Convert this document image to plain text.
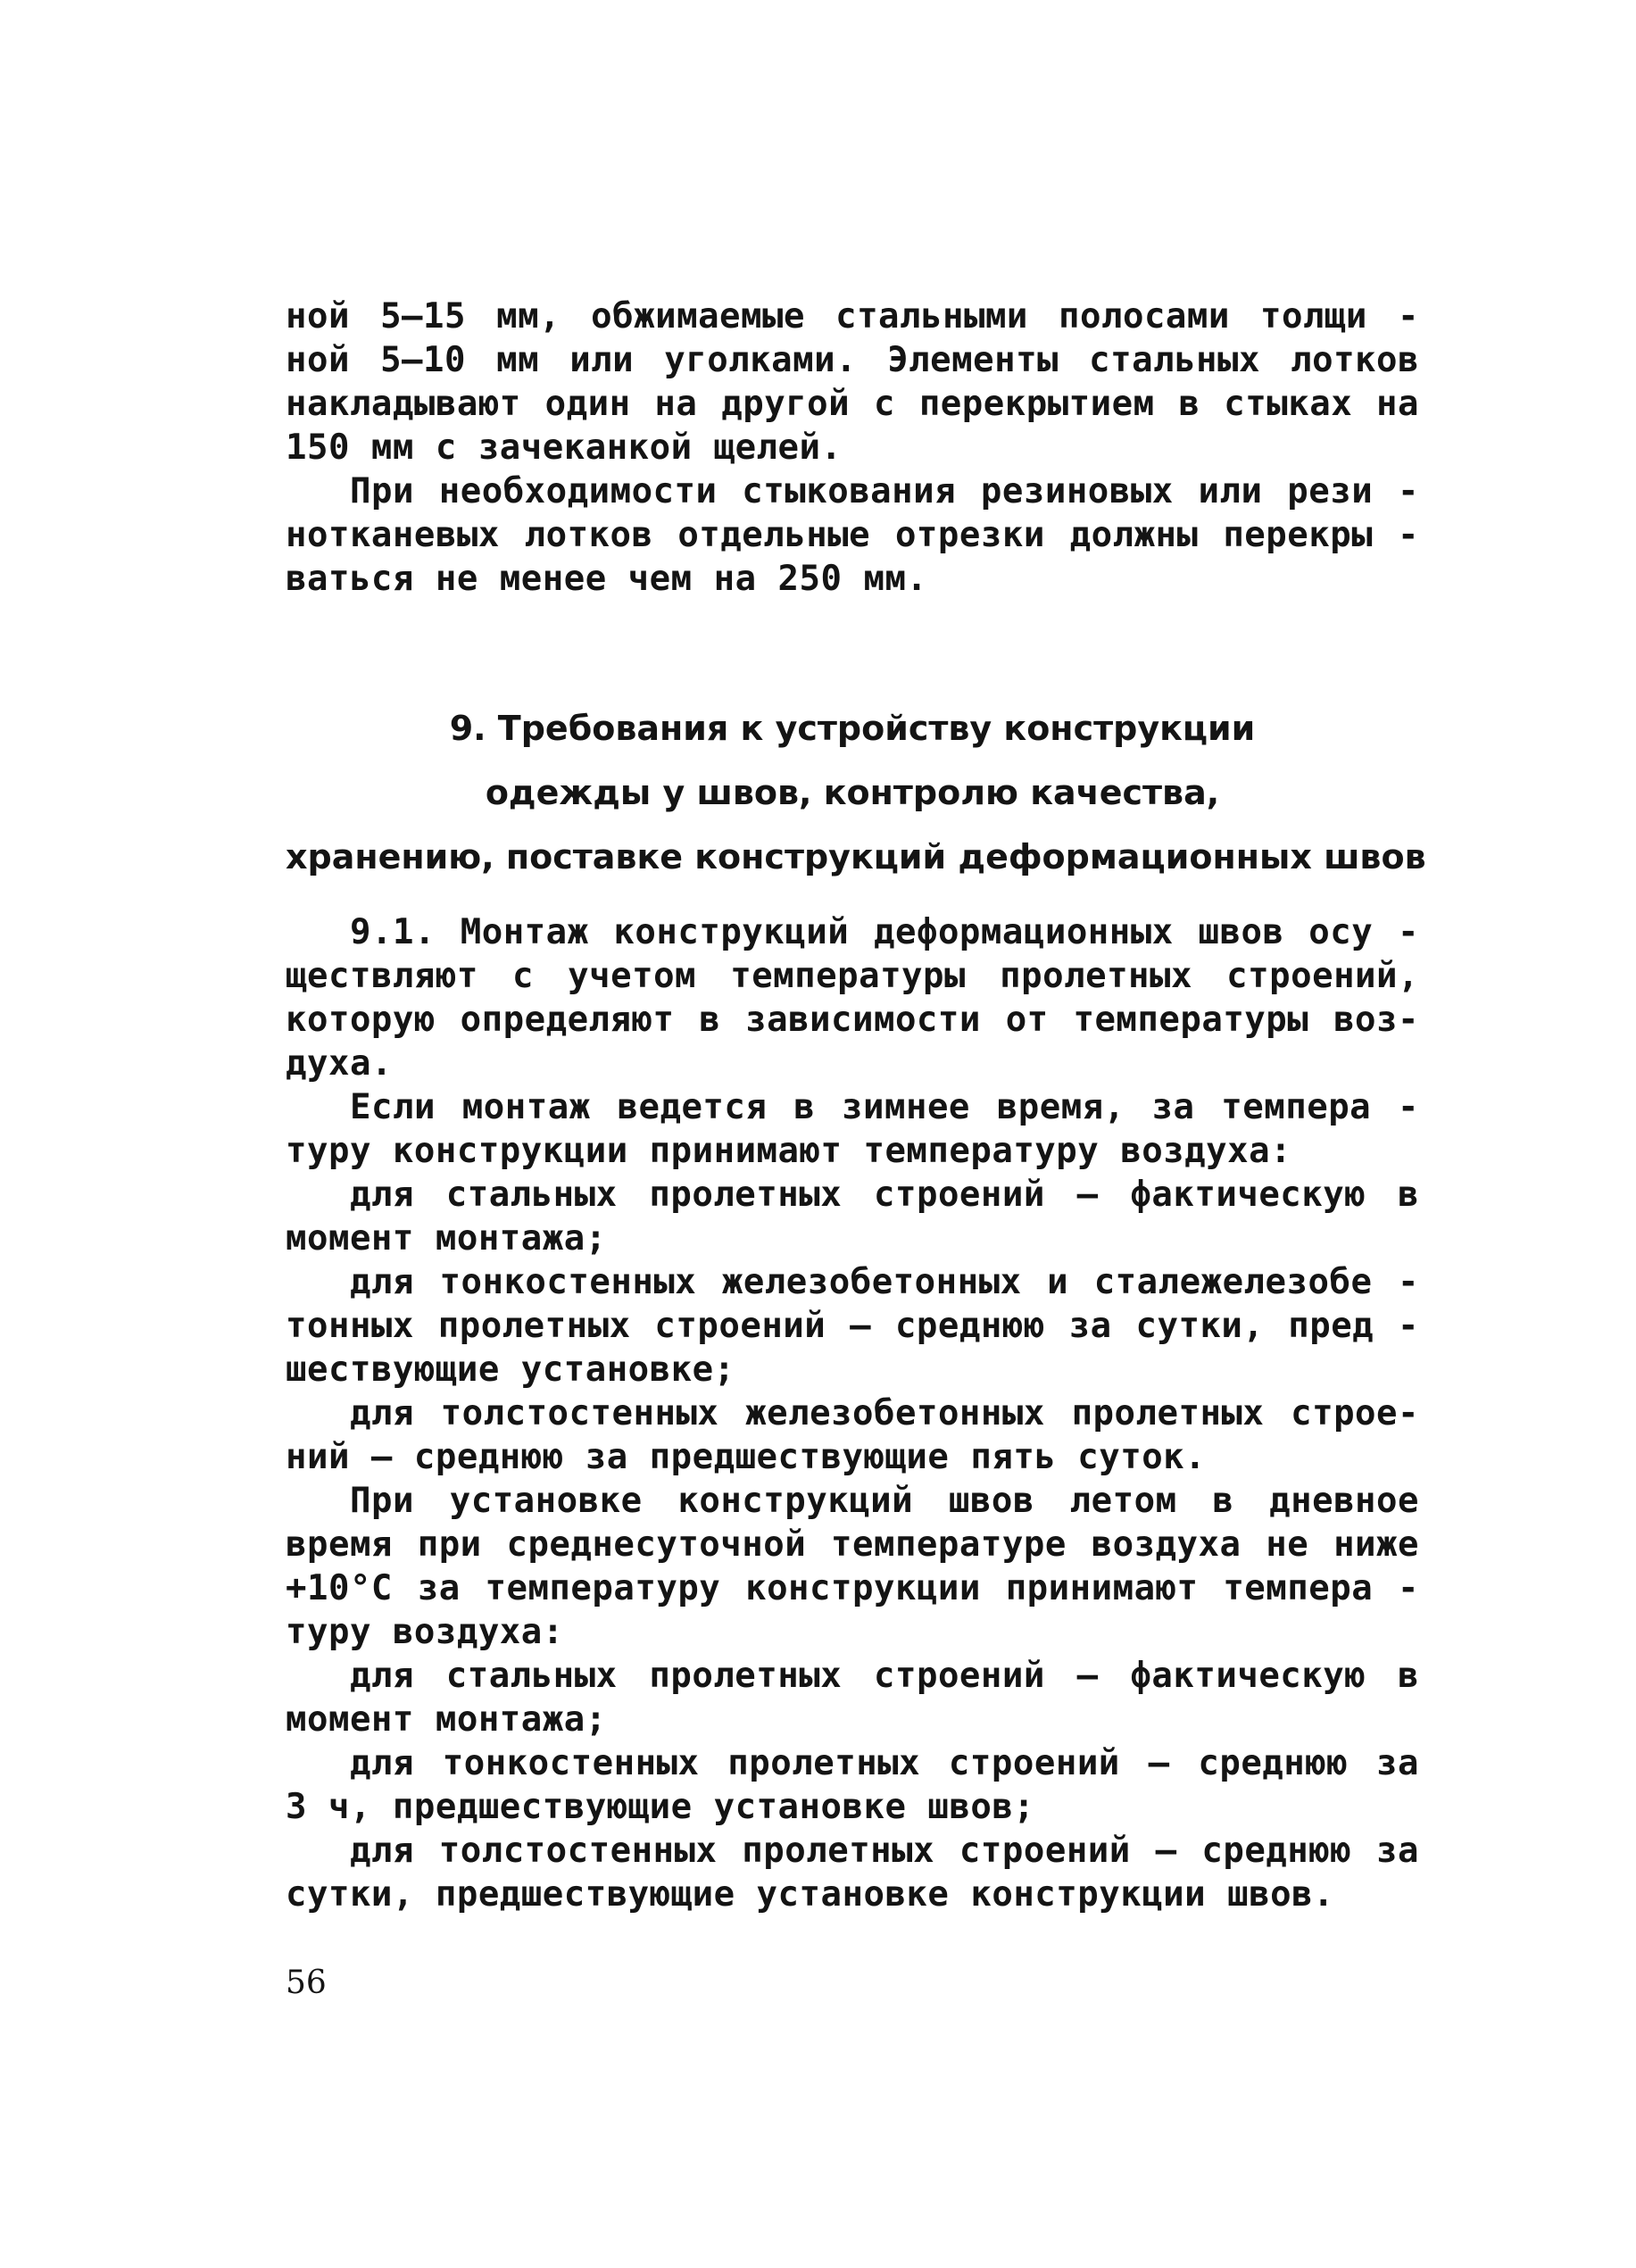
ной 5–15 мм, обжимаемые стальными полосами толщи - ной 5–10 мм или уголками. Элементы стальных лотков накладывают один на другой с перекрытием в стыках на 150 мм с зачеканкой щелей.

При необходимости стыкования резиновых или рези - нотканевых лотков отдельные отрезки должны перекры - ваться не менее чем на 250 мм.

9. Требования к устройству конструкции
одежды у швов, контролю качества,
хранению, поставке конструкций деформационных швов

9.1. Монтаж конструкций деформационных швов осу - ществляют с учетом температуры пролетных строений, которую определяют в зависимости от температуры воз- духа.

Если монтаж ведется в зимнее время, за темпера - туру конструкции принимают температуру воздуха:

для стальных пролетных строений – фактическую в момент монтажа;

для тонкостенных железобетонных и сталежелезобе - тонных пролетных строений – среднюю за сутки, пред - шествующие установке;

для толстостенных железобетонных пролетных строе- ний – среднюю за предшествующие пять суток.

При установке конструкций швов летом в дневное время при среднесуточной температуре воздуха не ниже +10°С за температуру конструкции принимают темпера - туру воздуха:

для стальных пролетных строений – фактическую в момент монтажа;

для тонкостенных пролетных строений – среднюю за 3 ч, предшествующие установке швов;

для толстостенных пролетных строений – среднюю за сутки, предшествующие установке конструкции швов.

56
